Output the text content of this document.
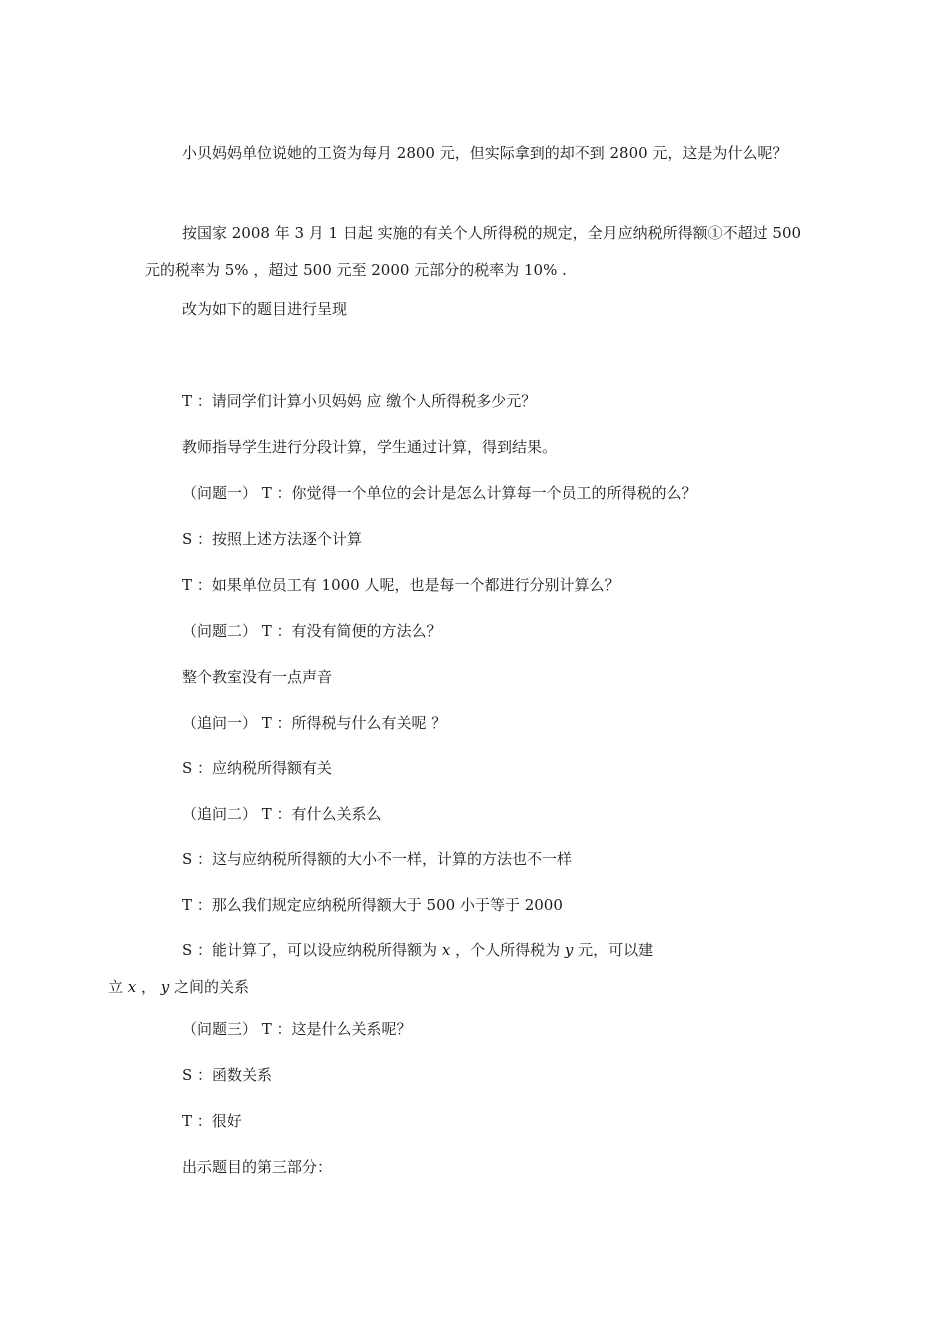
小贝妈妈单位说她的工资为每月 2800 元，但实际拿到的却不到 2800 元，这是为什么呢？

按国家 2008 年 3 月 1 日起 实施的有关个人所得税的规定，全月应纳税所得额①不超过 500 元的税率为 5% ，超过 500 元至 2000 元部分的税率为 10% .

改为如下的题目进行呈现

T ：请同学们计算小贝妈妈 应 缴个人所得税多少元？

教师指导学生进行分段计算，学生通过计算，得到结果。

（问题一） T ：你觉得一个单位的会计是怎么计算每一个员工的所得税的么？

S ：按照上述方法逐个计算

T ：如果单位员工有 1000 人呢，也是每一个都进行分别计算么？

（问题二） T ：有没有简便的方法么？

整个教室没有一点声音

（追问一） T ：所得税与什么有关呢 ？

S ：应纳税所得额有关

（追问二） T ：有什么关系么

S ：这与应纳税所得额的大小不一样，计算的方法也不一样

T ：那么我们规定应纳税所得额大于 500 小于等于 2000

S ：能计算了，可以设应纳税所得额为 x ，个人所得税为 y 元，可以建
立 x ， y 之间的关系

（问题三） T ：这是什么关系呢？

S ：函数关系

T ：很好

出示题目的第三部分：
